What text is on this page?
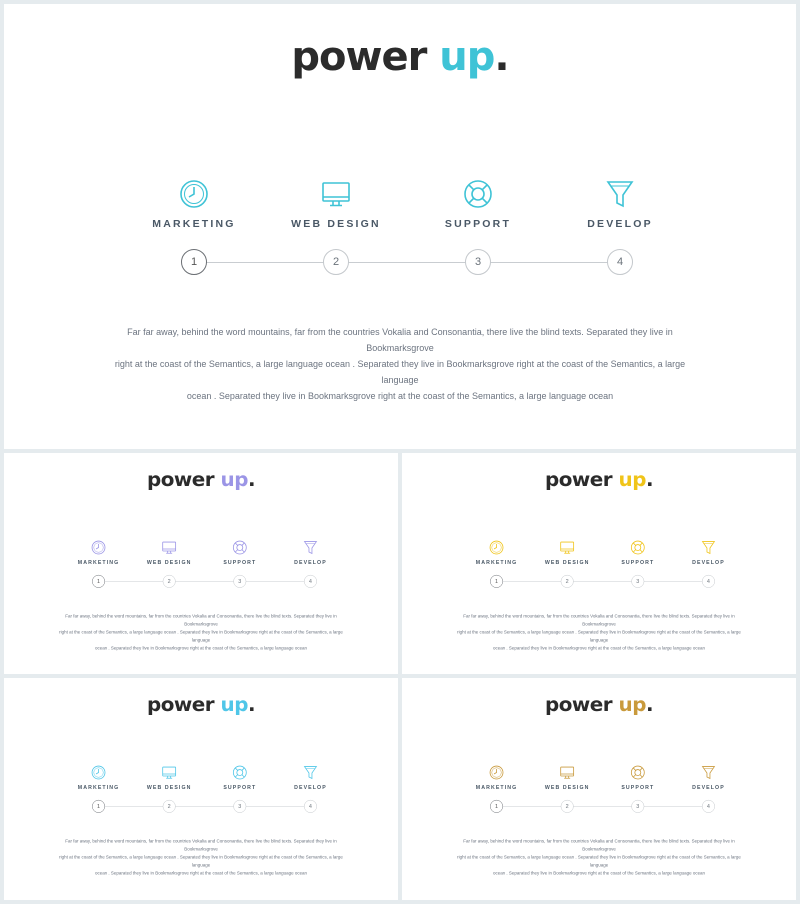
power up.
MARKETING	WEB DESIGN	SUPPORT	DEVELOP
1	2	3	4
Far far away, behind the word mountains, far from the countries Vokalia and Consonantia, there live the blind texts. Separated they live in Bookmarksgrove
right at the coast of the Semantics, a large language ocean . Separated they live in Bookmarksgrove right at the coast of the Semantics, a large language
ocean . Separated they live in Bookmarksgrove right at the coast of the Semantics, a large language ocean
power up.
MARKETING	WEB DESIGN	SUPPORT	DEVELOP
1	2	3	4
Far far away, behind the word mountains, far from the countries Vokalia and Consonantia, there live the blind texts. Separated they live in Bookmarksgrove
right at the coast of the Semantics, a large language ocean . Separated they live in Bookmarksgrove right at the coast of the Semantics, a large language
ocean . Separated they live in Bookmarksgrove right at the coast of the Semantics, a large language ocean
power up.
MARKETING	WEB DESIGN	SUPPORT	DEVELOP
1	2	3	4
Far far away, behind the word mountains, far from the countries Vokalia and Consonantia, there live the blind texts. Separated they live in Bookmarksgrove
right at the coast of the Semantics, a large language ocean . Separated they live in Bookmarksgrove right at the coast of the Semantics, a large language
ocean . Separated they live in Bookmarksgrove right at the coast of the Semantics, a large language ocean
power up.
MARKETING	WEB DESIGN	SUPPORT	DEVELOP
1	2	3	4
Far far away, behind the word mountains, far from the countries Vokalia and Consonantia, there live the blind texts. Separated they live in Bookmarksgrove
right at the coast of the Semantics, a large language ocean . Separated they live in Bookmarksgrove right at the coast of the Semantics, a large language
ocean . Separated they live in Bookmarksgrove right at the coast of the Semantics, a large language ocean
power up.
MARKETING	WEB DESIGN	SUPPORT	DEVELOP
1	2	3	4
Far far away, behind the word mountains, far from the countries Vokalia and Consonantia, there live the blind texts. Separated they live in Bookmarksgrove
right at the coast of the Semantics, a large language ocean . Separated they live in Bookmarksgrove right at the coast of the Semantics, a large language
ocean . Separated they live in Bookmarksgrove right at the coast of the Semantics, a large language ocean
